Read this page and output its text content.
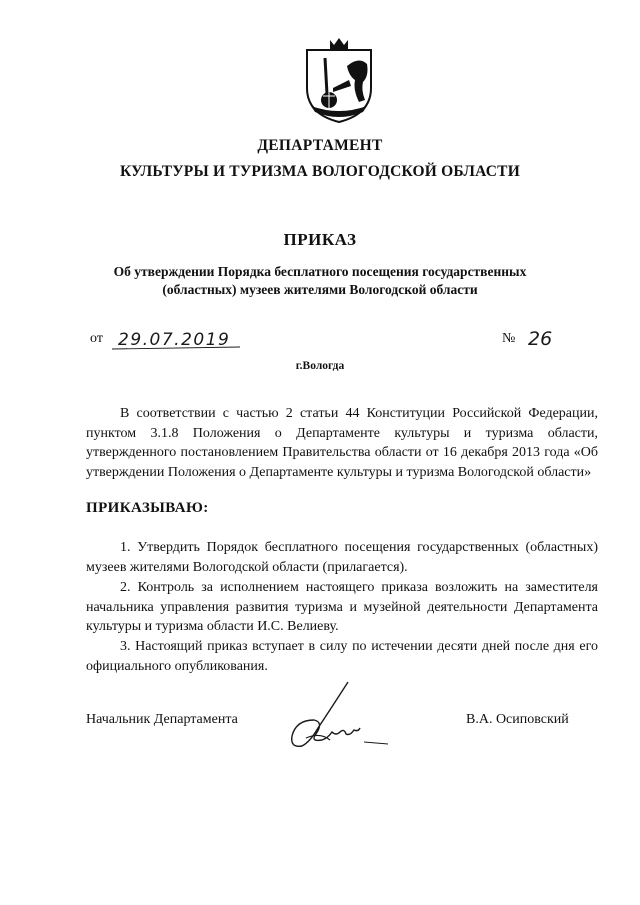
ДЕПАРТАМЕНТ
КУЛЬТУРЫ И ТУРИЗМА ВОЛОГОДСКОЙ ОБЛАСТИ
ПРИКАЗ
Об утверждении Порядка бесплатного посещения государственных
(областных) музеев жителями Вологодской области
от 29.07.2019	№ 26
г.Вологда
В соответствии с частью 2 статьи 44 Конституции Российской Федерации, пунктом 3.1.8 Положения о Департаменте культуры и туризма области, утвержденного постановлением Правительства области от 16 декабря 2013 года «Об утверждении Положения о Департаменте культуры и туризма Вологодской области»
ПРИКАЗЫВАЮ:
1. Утвердить Порядок бесплатного посещения государственных (областных) музеев жителями Вологодской области (прилагается).
2. Контроль за исполнением настоящего приказа возложить на заместителя начальника управления развития туризма и музейной деятельности Департамента культуры и туризма области И.С. Велиеву.
3. Настоящий приказ вступает в силу по истечении десяти дней после дня его официального опубликования.
Начальник Департамента	В.А. Осиповский
